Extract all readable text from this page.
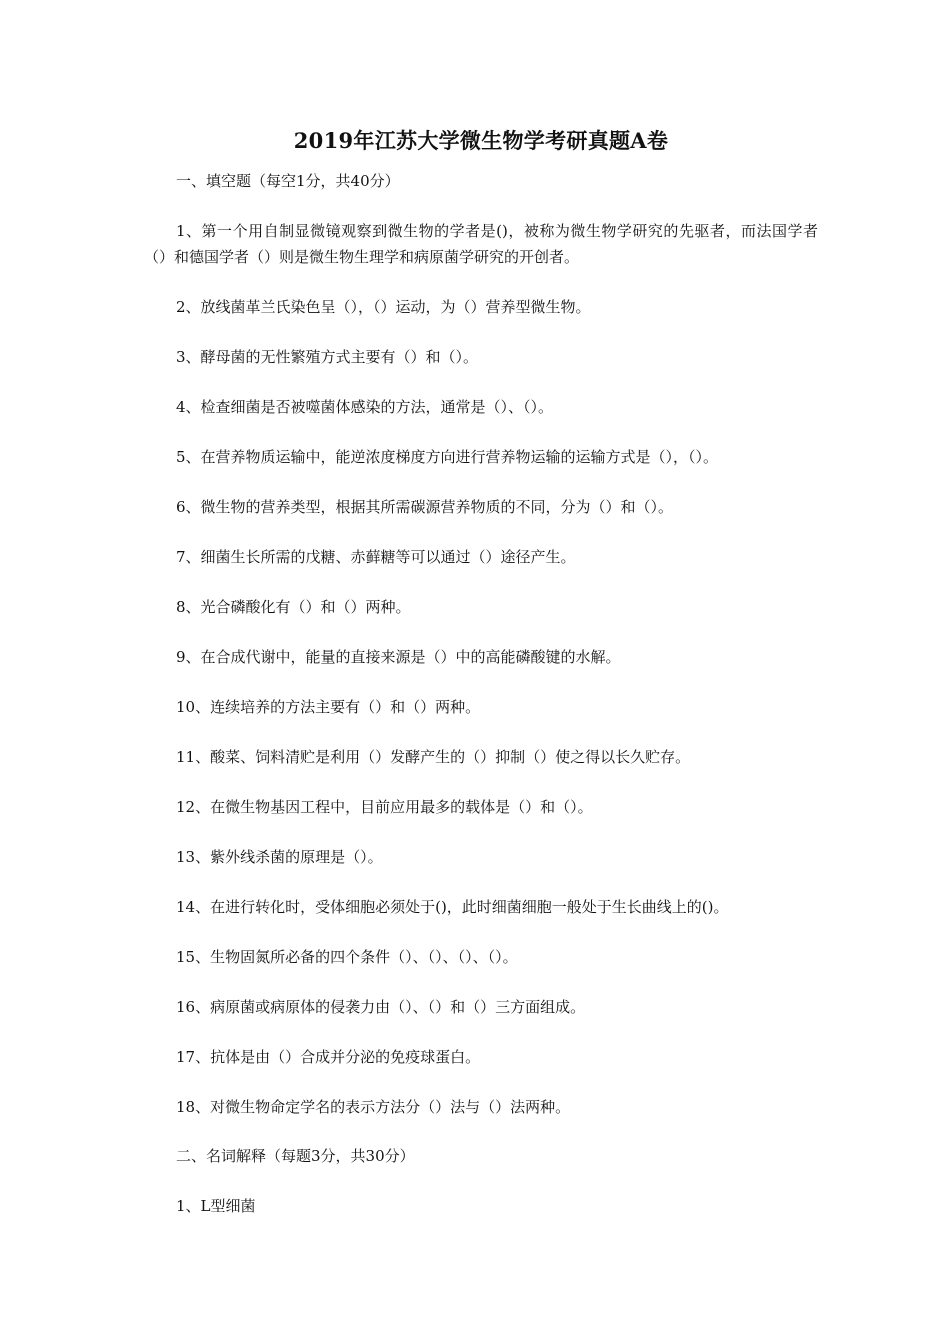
2019年江苏大学微生物学考研真题A卷

一、填空题（每空1分，共40分）

1、第一个用自制显微镜观察到微生物的学者是()，被称为微生物学研究的先驱者，而法国学者（）和德国学者（）则是微生物生理学和病原菌学研究的开创者。

2、放线菌革兰氏染色呈（），（）运动，为（）营养型微生物。

3、酵母菌的无性繁殖方式主要有（）和（）。

4、检查细菌是否被噬菌体感染的方法，通常是（）、（）。

5、在营养物质运输中，能逆浓度梯度方向进行营养物运输的运输方式是（），（）。

6、微生物的营养类型，根据其所需碳源营养物质的不同，分为（）和（）。

7、细菌生长所需的戊糖、赤藓糖等可以通过（）途径产生。

8、光合磷酸化有（）和（）两种。

9、在合成代谢中，能量的直接来源是（）中的高能磷酸键的水解。

10、连续培养的方法主要有（）和（）两种。

11、酸菜、饲料清贮是利用（）发酵产生的（）抑制（）使之得以长久贮存。

12、在微生物基因工程中，目前应用最多的载体是（）和（）。

13、紫外线杀菌的原理是（）。

14、在进行转化时，受体细胞必须处于()，此时细菌细胞一般处于生长曲线上的()。

15、生物固氮所必备的四个条件（）、（）、（）、（）。

16、病原菌或病原体的侵袭力由（）、（）和（）三方面组成。

17、抗体是由（）合成并分泌的免疫球蛋白。

18、对微生物命定学名的表示方法分（）法与（）法两种。

二、名词解释（每题3分，共30分）

1、L型细菌
